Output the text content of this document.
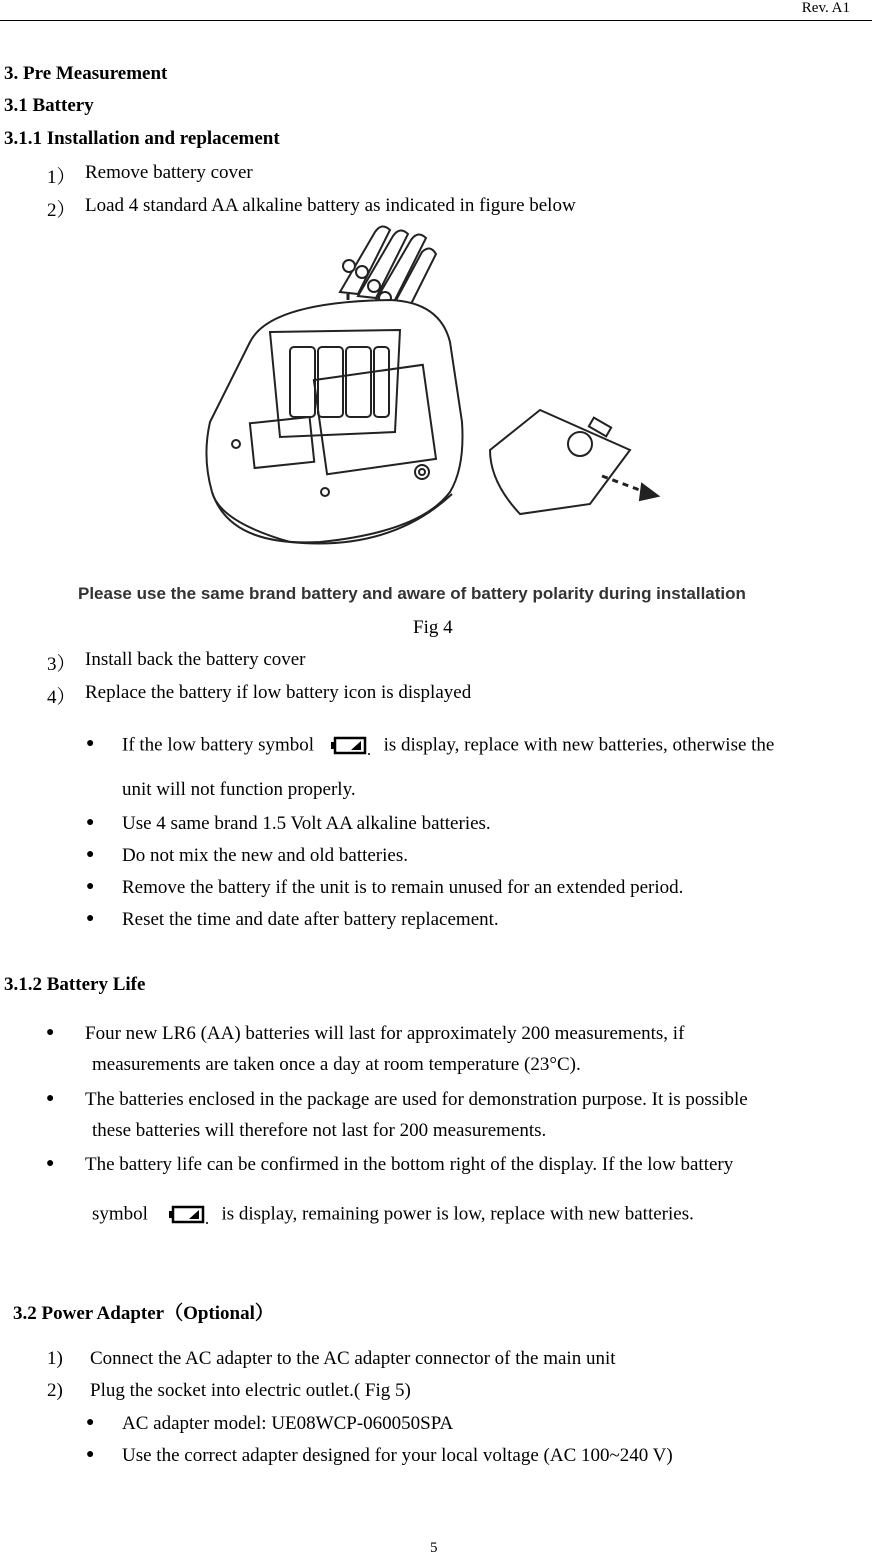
Rev. A1
3. Pre Measurement
3.1 Battery
3.1.1 Installation and replacement
1） Remove battery cover
2） Load 4 standard AA alkaline battery as indicated in figure below
Please use the same brand battery and aware of battery polarity during installation
Fig 4
3） Install back the battery cover
4） Replace the battery if low battery icon is displayed
● If the low battery symbol	is display, replace with new batteries, otherwise the
unit will not function properly.
● Use 4 same brand 1.5 Volt AA alkaline batteries.
● Do not mix the new and old batteries.
● Remove the battery if the unit is to remain unused for an extended period.
● Reset the time and date after battery replacement.
3.1.2 Battery Life
● Four new LR6 (AA) batteries will last for approximately 200 measurements, if
measurements are taken once a day at room temperature (23°C).
● The batteries enclosed in the package are used for demonstration purpose. It is possible
these batteries will therefore not last for 200 measurements.
● The battery life can be confirmed in the bottom right of the display. If the low battery
symbol	is display, remaining power is low, replace with new batteries.
3.2 Power Adapter（Optional）
1) Connect the AC adapter to the AC adapter connector of the main unit
2) Plug the socket into electric outlet.( Fig 5)
● AC adapter model: UE08WCP-060050SPA
● Use the correct adapter designed for your local voltage (AC 100~240 V)
5
